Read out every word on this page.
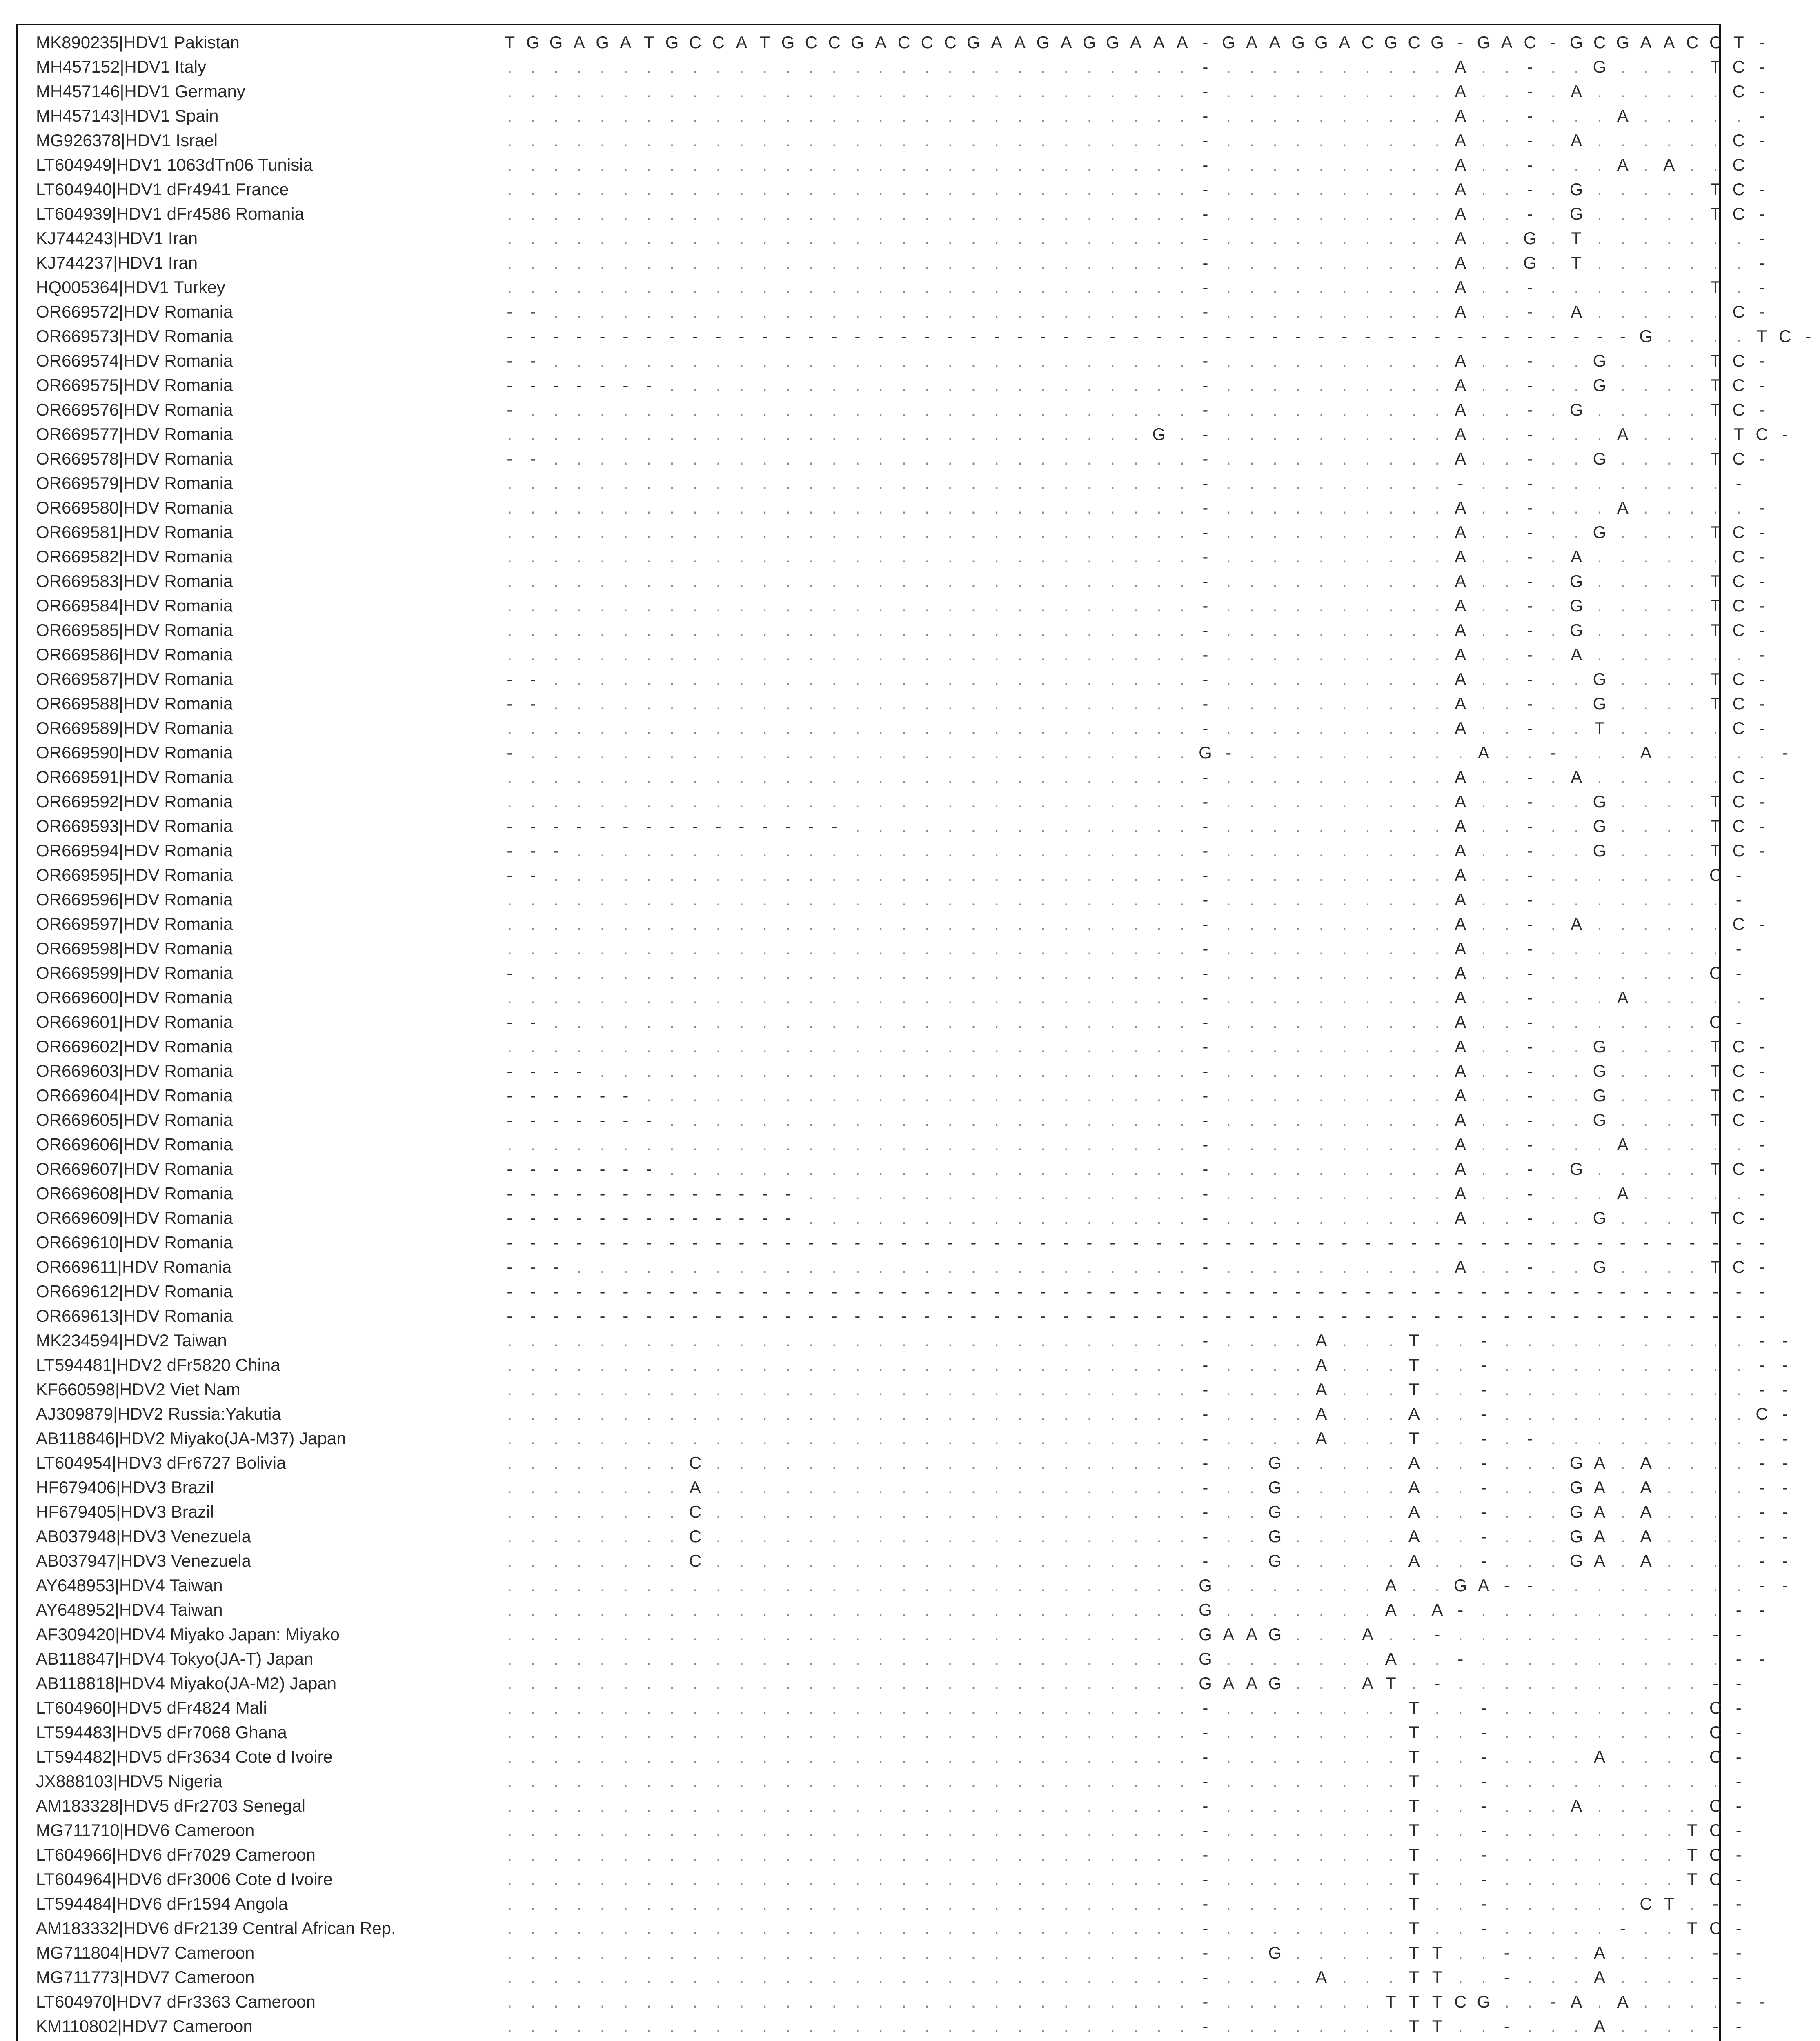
MK890235|HDV1 Pakistan	T G G A G A T G C C A T G C C G A C C C G A A G A G G A A A - G A A G G A C G C G - G A C - G C G A A C C T -
MH457152|HDV1 Italy	.	.	.	.	.	.	.	.	.	.	.	.	.	.	.	.	.	.	.	.	.	.	.	.	.	.	.	.	.	.	-	.	.	.	.	.	.	.	.	.	. A .	.	-	.	. G .	.	.	. T C -
MH457146|HDV1 Germany	.	.	.	.	.	.	.	.	.	.	.	.	.	.	.	.	.	.	.	.	.	.	.	.	.	.	.	.	.	.	-	.	.	.	.	.	.	.	.	.	. A .	.	-	. A .	.	.	.	.	. C -
MH457143|HDV1 Spain	.	.	.	.	.	.	.	.	.	.	.	.	.	.	.	.	.	.	.	.	.	.	.	.	.	.	.	.	.	.	-	.	.	.	.	.	.	.	.	.	. A .	.	-	.	.	. A .	.	.	.	.	-
MG926378|HDV1 Israel	.	.	.	.	.	.	.	.	.	.	.	.	.	.	.	.	.	.	.	.	.	.	.	.	.	.	.	.	.	.	-	.	.	.	.	.	.	.	.	.	. A .	.	-	. A .	.	.	.	.	. C -
LT604949|HDV1 1063dTn06 Tunisia	.	.	.	.	.	.	.	.	.	.	.	.	.	.	.	.	.	.	.	.	.	.	.	.	.	.	.	.	.	.	-	.	.	.	.	.	.	.	.	.	. A .	.	-	.	.	. A . A .	. C
LT604940|HDV1 dFr4941 France	.	.	.	.	.	.	.	.	.	.	.	.	.	.	.	.	.	.	.	.	.	.	.	.	.	.	.	.	.	.	-	.	.	.	.	.	.	.	.	.	. A .	.	-	. G .	.	.	.	. T C -
LT604939|HDV1 dFr4586 Romania	.	.	.	.	.	.	.	.	.	.	.	.	.	.	.	.	.	.	.	.	.	.	.	.	.	.	.	.	.	.	-	.	.	.	.	.	.	.	.	.	. A .	.	-	. G .	.	.	.	. T C -
KJ744243|HDV1 Iran	.	.	.	.	.	.	.	.	.	.	.	.	.	.	.	.	.	.	.	.	.	.	.	.	.	.	.	.	.	.	-	.	.	.	.	.	.	.	.	.	. A .	. G . T .	.	.	.	.	.	.	-
KJ744237|HDV1 Iran	.	.	.	.	.	.	.	.	.	.	.	.	.	.	.	.	.	.	.	.	.	.	.	.	.	.	.	.	.	.	-	.	.	.	.	.	.	.	.	.	. A .	. G . T .	.	.	.	.	.	.	-
HQ005364|HDV1 Turkey	.	.	.	.	.	.	.	.	.	.	.	.	.	.	.	.	.	.	.	.	.	.	.	.	.	.	.	.	.	.	-	.	.	.	.	.	.	.	.	.	. A .	.	-	.	.	.	.	.	.	. T .	-
OR669572|HDV Romania	-	-	.	.	.	.	.	.	.	.	.	.	.	.	.	.	.	.	.	.	.	.	.	.	.	.	.	.	.	.	-	.	.	.	.	.	.	.	.	.	. A .	.	-	. A .	.	.	.	.	. C -
OR669573|HDV Romania	-	-	-	-	-	-	-	-	-	-	-	-	-	-	-	-	-	-	-	-	-	-	-	-	-	-	-	-	-	-	-	-	-	-	-	-	-	-	-	-	-	-	-	-	-	-	-	-	- G .	.	.	. T C -
OR669574|HDV Romania	-	-	.	.	.	.	.	.	.	.	.	.	.	.	.	.	.	.	.	.	.	.	.	.	.	.	.	.	.	.	-	.	.	.	.	.	.	.	.	.	. A .	.	-	.	. G .	.	.	. T C -
OR669575|HDV Romania	-	-	-	-	-	-	-	.	.	.	.	.	.	.	.	.	.	.	.	.	.	.	.	.	.	.	.	.	.	.	-	.	.	.	.	.	.	.	.	.	. A .	.	-	.	. G .	.	.	. T C -
OR669576|HDV Romania	-	.	.	.	.	.	.	.	.	.	.	.	.	.	.	.	.	.	.	.	.	.	.	.	.	.	.	.	.	.	-	.	.	.	.	.	.	.	.	.	. A .	.	-	. G .	.	.	.	. T C -
OR669577|HDV Romania	.	.	.	.	.	.	.	.	.	.	.	.	.	.	.	.	.	.	.	.	.	.	.	.	.	.	.	. G .	-	.	.	.	.	.	.	.	.	.	. A .	.	-	.	.	. A .	.	.	. T C -
OR669578|HDV Romania	-	-	.	.	.	.	.	.	.	.	.	.	.	.	.	.	.	.	.	.	.	.	.	.	.	.	.	.	.	.	-	.	.	.	.	.	.	.	.	.	. A .	.	-	.	. G .	.	.	. T C -
OR669579|HDV Romania	.	.	.	.	.	.	.	.	.	.	.	.	.	.	.	.	.	.	.	.	.	.	.	.	.	.	.	.	.	.	-	.	.	.	.	.	.	.	.	.	.	-	.	.	-	.	.	.	.	.	.	.	.	-
OR669580|HDV Romania	.	.	.	.	.	.	.	.	.	.	.	.	.	.	.	.	.	.	.	.	.	.	.	.	.	.	.	.	.	.	-	.	.	.	.	.	.	.	.	.	. A .	.	-	.	.	. A .	.	.	.	.	-
OR669581|HDV Romania	.	.	.	.	.	.	.	.	.	.	.	.	.	.	.	.	.	.	.	.	.	.	.	.	.	.	.	.	.	.	-	.	.	.	.	.	.	.	.	.	. A .	.	-	.	. G .	.	.	. T C -
OR669582|HDV Romania	.	.	.	.	.	.	.	.	.	.	.	.	.	.	.	.	.	.	.	.	.	.	.	.	.	.	.	.	.	.	-	.	.	.	.	.	.	.	.	.	. A .	.	-	. A .	.	.	.	.	. C -
OR669583|HDV Romania	.	.	.	.	.	.	.	.	.	.	.	.	.	.	.	.	.	.	.	.	.	.	.	.	.	.	.	.	.	.	-	.	.	.	.	.	.	.	.	.	. A .	.	-	. G .	.	.	.	. T C -
OR669584|HDV Romania	.	.	.	.	.	.	.	.	.	.	.	.	.	.	.	.	.	.	.	.	.	.	.	.	.	.	.	.	.	.	-	.	.	.	.	.	.	.	.	.	. A .	.	-	. G .	.	.	.	. T C -
OR669585|HDV Romania	.	.	.	.	.	.	.	.	.	.	.	.	.	.	.	.	.	.	.	.	.	.	.	.	.	.	.	.	.	.	-	.	.	.	.	.	.	.	.	.	. A .	.	-	. G .	.	.	.	. T C -
OR669586|HDV Romania	.	.	.	.	.	.	.	.	.	.	.	.	.	.	.	.	.	.	.	.	.	.	.	.	.	.	.	.	.	.	-	.	.	.	.	.	.	.	.	.	. A .	.	-	. A .	.	.	.	.	.	.	-
OR669587|HDV Romania	-	-	.	.	.	.	.	.	.	.	.	.	.	.	.	.	.	.	.	.	.	.	.	.	.	.	.	.	.	.	-	.	.	.	.	.	.	.	.	.	. A .	.	-	.	. G .	.	.	. T C -
OR669588|HDV Romania	-	-	.	.	.	.	.	.	.	.	.	.	.	.	.	.	.	.	.	.	.	.	.	.	.	.	.	.	.	.	-	.	.	.	.	.	.	.	.	.	. A .	.	-	.	. G .	.	.	. T C -
OR669589|HDV Romania	.	.	.	.	.	.	.	.	.	.	.	.	.	.	.	.	.	.	.	.	.	.	.	.	.	.	.	.	.	.	-	.	.	.	.	.	.	.	.	.	. A .	.	-	.	. T .	.	.	.	. C -
OR669590|HDV Romania	-	.	.	.	.	.	.	.	.	.	.	.	.	.	.	.	.	.	.	.	.	.	.	.	.	.	.	.	.	. G -	.	.	.	.	.	.	.	.	.	. A .	.	-	.	.	. A .	.	.	.	.	-
OR669591|HDV Romania	.	.	.	.	.	.	.	.	.	.	.	.	.	.	.	.	.	.	.	.	.	.	.	.	.	.	.	.	.	.	-	.	.	.	.	.	.	.	.	.	. A .	.	-	. A .	.	.	.	.	. C -
OR669592|HDV Romania	.	.	.	.	.	.	.	.	.	.	.	.	.	.	.	.	.	.	.	.	.	.	.	.	.	.	.	.	.	.	-	.	.	.	.	.	.	.	.	.	. A .	.	-	.	. G .	.	.	. T C -
OR669593|HDV Romania	-	-	-	-	-	-	-	-	-	-	-	-	-	-	-	.	.	.	.	.	.	.	.	.	.	.	.	.	.	.	-	.	.	.	.	.	.	.	.	.	. A .	.	-	.	. G .	.	.	. T C -
OR669594|HDV Romania	-	-	-	.	.	.	.	.	.	.	.	.	.	.	.	.	.	.	.	.	.	.	.	.	.	.	.	.	.	.	-	.	.	.	.	.	.	.	.	.	. A .	.	-	.	. G .	.	.	. T C -
OR669595|HDV Romania	-	-	.	.	.	.	.	.	.	.	.	.	.	.	.	.	.	.	.	.	.	.	.	.	.	.	.	.	.	.	-	.	.	.	.	.	.	.	.	.	. A .	.	-	.	.	.	.	.	.	. C -
OR669596|HDV Romania	.	.	.	.	.	.	.	.	.	.	.	.	.	.	.	.	.	.	.	.	.	.	.	.	.	.	.	.	.	.	-	.	.	.	.	.	.	.	.	.	. A .	.	-	.	.	.	.	.	.	.	.	-
OR669597|HDV Romania	.	.	.	.	.	.	.	.	.	.	.	.	.	.	.	.	.	.	.	.	.	.	.	.	.	.	.	.	.	.	-	.	.	.	.	.	.	.	.	.	. A .	.	-	. A .	.	.	.	.	. C -
OR669598|HDV Romania	.	.	.	.	.	.	.	.	.	.	.	.	.	.	.	.	.	.	.	.	.	.	.	.	.	.	.	.	.	.	-	.	.	.	.	.	.	.	.	.	. A .	.	-	.	.	.	.	.	.	.	.	-
OR669599|HDV Romania	-	.	.	.	.	.	.	.	.	.	.	.	.	.	.	.	.	.	.	.	.	.	.	.	.	.	.	.	.	.	-	.	.	.	.	.	.	.	.	.	. A .	.	-	.	.	.	.	.	.	. C -
OR669600|HDV Romania	.	.	.	.	.	.	.	.	.	.	.	.	.	.	.	.	.	.	.	.	.	.	.	.	.	.	.	.	.	.	-	.	.	.	.	.	.	.	.	.	. A .	.	-	.	.	. A .	.	.	.	.	-
OR669601|HDV Romania	-	-	.	.	.	.	.	.	.	.	.	.	.	.	.	.	.	.	.	.	.	.	.	.	.	.	.	.	.	.	-	.	.	.	.	.	.	.	.	.	. A .	.	-	.	.	.	.	.	.	. C -
OR669602|HDV Romania	.	.	.	.	.	.	.	.	.	.	.	.	.	.	.	.	.	.	.	.	.	.	.	.	.	.	.	.	.	.	-	.	.	.	.	.	.	.	.	.	. A .	.	-	.	. G .	.	.	. T C -
OR669603|HDV Romania	-	-	-	-	.	.	.	.	.	.	.	.	.	.	.	.	.	.	.	.	.	.	.	.	.	.	.	.	.	.	-	.	.	.	.	.	.	.	.	.	. A .	.	-	.	. G .	.	.	. T C -
OR669604|HDV Romania	-	-	-	-	-	-	.	.	.	.	.	.	.	.	.	.	.	.	.	.	.	.	.	.	.	.	.	.	.	.	-	.	.	.	.	.	.	.	.	.	. A .	.	-	.	. G .	.	.	. T C -
OR669605|HDV Romania	-	-	-	-	-	-	-	.	.	.	.	.	.	.	.	.	.	.	.	.	.	.	.	.	.	.	.	.	.	.	-	.	.	.	.	.	.	.	.	.	. A .	.	-	.	. G .	.	.	. T C -
OR669606|HDV Romania	.	.	.	.	.	.	.	.	.	.	.	.	.	.	.	.	.	.	.	.	.	.	.	.	.	.	.	.	.	.	-	.	.	.	.	.	.	.	.	.	. A .	.	-	.	.	. A .	.	.	.	.	-
OR669607|HDV Romania	-	-	-	-	-	-	-	.	.	.	.	.	.	.	.	.	.	.	.	.	.	.	.	.	.	.	.	.	.	.	-	.	.	.	.	.	.	.	.	.	. A .	.	-	. G .	.	.	.	. T C -
OR669608|HDV Romania	-	-	-	-	-	-	-	-	-	-	-	-	-	.	.	.	.	.	.	.	.	.	.	.	.	.	.	.	.	.	-	.	.	.	.	.	.	.	.	.	. A .	.	-	.	.	. A .	.	.	.	.	-
OR669609|HDV Romania	-	-	-	-	-	-	-	-	-	-	-	-	-	.	.	.	.	.	.	.	.	.	.	.	.	.	.	.	.	.	-	.	.	.	.	.	.	.	.	.	. A .	.	-	.	. G .	.	.	. T C -
OR669610|HDV Romania	-	-	-	-	-	-	-	-	-	-	-	-	-	-	-	-	-	-	-	-	-	-	-	-	-	-	-	-	-	-	-	-	-	-	-	-	-	-	-	-	-	-	-	-	-	-	-	-	-	-	-	-	-	-	-
OR669611|HDV Romania	-	-	-	.	.	.	.	.	.	.	.	.	.	.	.	.	.	.	.	.	.	.	.	.	.	.	.	.	.	.	-	.	.	.	.	.	.	.	.	.	. A .	.	-	.	. G .	.	.	. T C -
OR669612|HDV Romania	-	-	-	-	-	-	-	-	-	-	-	-	-	-	-	-	-	-	-	-	-	-	-	-	-	-	-	-	-	-	-	-	-	-	-	-	-	-	-	-	-	-	-	-	-	-	-	-	-	-	-	-	-	-	-
OR669613|HDV Romania	-	-	-	-	-	-	-	-	-	-	-	-	-	-	-	-	-	-	-	-	-	-	-	-	-	-	-	-	-	-	-	-	-	-	-	-	-	-	-	-	-	-	-	-	-	-	-	-	-	-	-	-	-	-	-
MK234594|HDV2 Taiwan	.	.	.	.	.	.	.	.	.	.	.	.	.	.	.	.	.	.	.	.	.	.	.	.	.	.	.	.	.	.	-	.	.	.	. A .	.	. T .	.	-	.	.	.	.	.	.	.	.	.	.	.	-	-
LT594481|HDV2 dFr5820 China	.	.	.	.	.	.	.	.	.	.	.	.	.	.	.	.	.	.	.	.	.	.	.	.	.	.	.	.	.	.	-	.	.	.	. A .	.	. T .	.	-	.	.	.	.	.	.	.	.	.	.	.	-	-
KF660598|HDV2 Viet Nam	.	.	.	.	.	.	.	.	.	.	.	.	.	.	.	.	.	.	.	.	.	.	.	.	.	.	.	.	.	.	-	.	.	.	. A .	.	. T .	.	-	.	.	.	.	.	.	.	.	.	.	.	-	-
AJ309879|HDV2 Russia:Yakutia	.	.	.	.	.	.	.	.	.	.	.	.	.	.	.	.	.	.	.	.	.	.	.	.	.	.	.	.	.	.	-	.	.	.	. A .	.	. A .	.	-	.	.	.	.	.	.	.	.	.	.	. C -
AB118846|HDV2 Miyako(JA-M37) Japan	.	.	.	.	.	.	.	.	.	.	.	.	.	.	.	.	.	.	.	.	.	.	.	.	.	.	.	.	.	.	-	.	.	.	. A .	.	. T .	.	-	.	-	.	.	.	.	.	.	.	.	.	-	-
LT604954|HDV3 dFr6727 Bolivia	.	.	.	.	.	.	.	. C .	.	.	.	.	.	.	.	.	.	.	.	.	.	.	.	.	.	.	.	.	-	.	. G .	.	.	.	. A .	.	-	.	.	. G A . A .	.	.	.	-	-
HF679406|HDV3 Brazil	.	.	.	.	.	.	.	. A .	.	.	.	.	.	.	.	.	.	.	.	.	.	.	.	.	.	.	.	.	-	.	. G .	.	.	.	. A .	.	-	.	.	. G A . A .	.	.	.	-	-
HF679405|HDV3 Brazil	.	.	.	.	.	.	.	. C .	.	.	.	.	.	.	.	.	.	.	.	.	.	.	.	.	.	.	.	.	-	.	. G .	.	.	.	. A .	.	-	.	.	. G A . A .	.	.	.	-	-
AB037948|HDV3 Venezuela	.	.	.	.	.	.	.	. C .	.	.	.	.	.	.	.	.	.	.	.	.	.	.	.	.	.	.	.	.	-	.	. G .	.	.	.	. A .	.	-	.	.	. G A . A .	.	.	.	-	-
AB037947|HDV3 Venezuela	.	.	.	.	.	.	.	. C .	.	.	.	.	.	.	.	.	.	.	.	.	.	.	.	.	.	.	.	.	-	.	. G .	.	.	.	. A .	.	-	.	.	. G A . A .	.	.	.	-	-
AY648953|HDV4 Taiwan	.	.	.	.	.	.	.	.	.	.	.	.	.	.	.	.	.	.	.	.	.	.	.	.	.	.	.	.	.	. G .	.	.	.	.	.	. A .	. G A -	-	.	.	.	.	.	.	.	.	.	-	-
AY648952|HDV4 Taiwan	.	.	.	.	.	.	.	.	.	.	.	.	.	.	.	.	.	.	.	.	.	.	.	.	.	.	.	.	.	. G .	.	.	.	.	.	. A . A -	.	.	.	.	.	.	.	.	.	.	.	-	-
AF309420|HDV4 Miyako Japan: Miyako	.	.	.	.	.	.	.	.	.	.	.	.	.	.	.	.	.	.	.	.	.	.	.	.	.	.	.	.	.	. G A A G .	.	. A .	.	-	.	.	.	.	.	.	.	.	.	.	.	-	-
AB118847|HDV4 Tokyo(JA-T) Japan	.	.	.	.	.	.	.	.	.	.	.	.	.	.	.	.	.	.	.	.	.	.	.	.	.	.	.	.	.	. G .	.	.	.	.	.	. A .	.	-	.	.	.	.	.	.	.	.	.	.	.	-	-
AB118818|HDV4 Miyako(JA-M2) Japan	.	.	.	.	.	.	.	.	.	.	.	.	.	.	.	.	.	.	.	.	.	.	.	.	.	.	.	.	.	. G A A G .	.	. A T .	-	.	.	.	.	.	.	.	.	.	.	.	-	-
LT604960|HDV5 dFr4824 Mali	.	.	.	.	.	.	.	.	.	.	.	.	.	.	.	.	.	.	.	.	.	.	.	.	.	.	.	.	.	.	-	.	.	.	.	.	.	.	. T .	.	-	.	.	.	.	.	.	.	.	. C -
LT594483|HDV5 dFr7068 Ghana	.	.	.	.	.	.	.	.	.	.	.	.	.	.	.	.	.	.	.	.	.	.	.	.	.	.	.	.	.	.	-	.	.	.	.	.	.	.	. T .	.	-	.	.	.	.	.	.	.	.	. C -
LT594482|HDV5 dFr3634 Cote d Ivoire	.	.	.	.	.	.	.	.	.	.	.	.	.	.	.	.	.	.	.	.	.	.	.	.	.	.	.	.	.	.	-	.	.	.	.	.	.	.	. T .	.	-	.	.	.	. A .	.	.	. C -
JX888103|HDV5 Nigeria	.	.	.	.	.	.	.	.	.	.	.	.	.	.	.	.	.	.	.	.	.	.	.	.	.	.	.	.	.	.	-	.	.	.	.	.	.	.	. T .	.	-	.	.	.	.	.	.	.	.	.	.	-
AM183328|HDV5 dFr2703 Senegal	.	.	.	.	.	.	.	.	.	.	.	.	.	.	.	.	.	.	.	.	.	.	.	.	.	.	.	.	.	.	-	.	.	.	.	.	.	.	. T .	.	-	.	.	. A .	.	.	.	. C -
MG711710|HDV6 Cameroon	.	.	.	.	.	.	.	.	.	.	.	.	.	.	.	.	.	.	.	.	.	.	.	.	.	.	.	.	.	.	-	.	.	.	.	.	.	.	. T .	.	-	.	.	.	.	.	.	.	. T C -
LT604966|HDV6 dFr7029 Cameroon	.	.	.	.	.	.	.	.	.	.	.	.	.	.	.	.	.	.	.	.	.	.	.	.	.	.	.	.	.	.	-	.	.	.	.	.	.	.	. T .	.	-	.	.	.	.	.	.	.	. T C -
LT604964|HDV6 dFr3006 Cote d Ivoire	.	.	.	.	.	.	.	.	.	.	.	.	.	.	.	.	.	.	.	.	.	.	.	.	.	.	.	.	.	.	-	.	.	.	.	.	.	.	. T .	.	-	.	.	.	.	.	.	.	. T C -
LT594484|HDV6 dFr1594 Angola	.	.	.	.	.	.	.	.	.	.	.	.	.	.	.	.	.	.	.	.	.	.	.	.	.	.	.	.	.	.	-	.	.	.	.	.	.	.	. T .	.	-	.	.	.	.	.	. C T .	-	-
AM183332|HDV6 dFr2139 Central African Rep.	.	.	.	.	.	.	.	.	.	.	.	.	.	.	.	.	.	.	.	.	.	.	.	.	.	.	.	.	.	.	-	.	.	.	.	.	.	.	. T .	.	-	.	.	.	.	.	-	.	. T C -
MG711804|HDV7 Cameroon	.	.	.	.	.	.	.	.	.	.	.	.	.	.	.	.	.	.	.	.	.	.	.	.	.	.	.	.	.	.	-	.	. G .	.	.	.	. T T .	.	-	.	.	. A .	.	.	.	-	-
MG711773|HDV7 Cameroon	.	.	.	.	.	.	.	.	.	.	.	.	.	.	.	.	.	.	.	.	.	.	.	.	.	.	.	.	.	.	-	.	.	.	. A .	.	. T T .	.	-	.	.	. A .	.	.	.	-	-
LT604970|HDV7 dFr3363 Cameroon	.	.	.	.	.	.	.	.	.	.	.	.	.	.	.	.	.	.	.	.	.	.	.	.	.	.	.	.	.	.	-	.	.	.	.	.	.	. T T T C G .	.	- A . A .	.	.	.	-	-
KM110802|HDV7 Cameroon	.	.	.	.	.	.	.	.	.	.	.	.	.	.	.	.	.	.	.	.	.	.	.	.	.	.	.	.	.	.	-	.	.	.	.	.	.	.	. T T .	.	-	.	.	. A .	.	.	.	-	-
